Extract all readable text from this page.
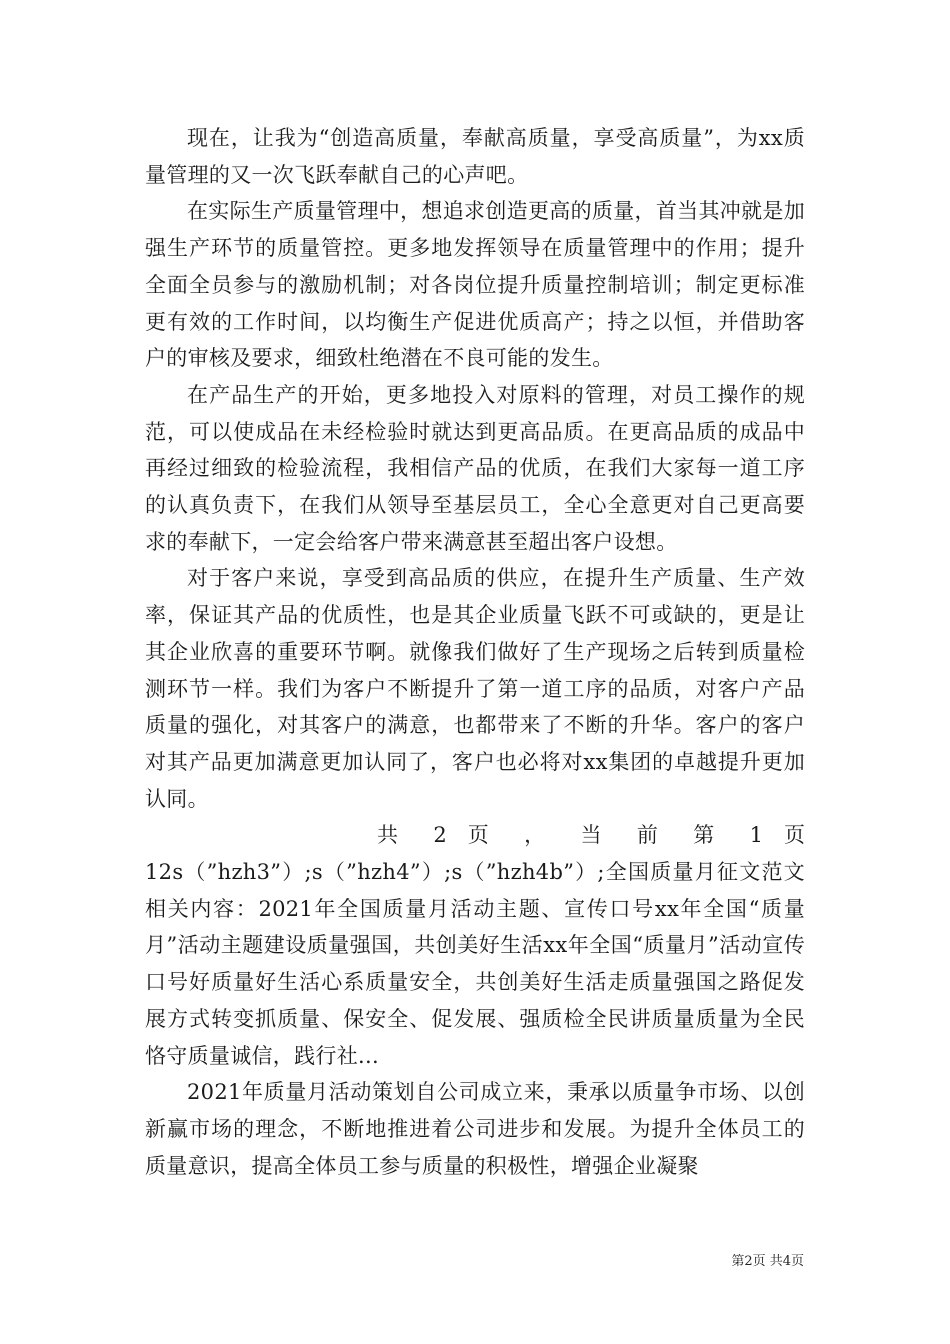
现在，让我为“创造高质量，奉献高质量，享受高质量”，为xx质量管理的又一次飞跃奉献自己的心声吧。

在实际生产质量管理中，想追求创造更高的质量，首当其冲就是加强生产环节的质量管控。更多地发挥领导在质量管理中的作用；提升全面全员参与的激励机制；对各岗位提升质量控制培训；制定更标准更有效的工作时间，以均衡生产促进优质高产；持之以恒，并借助客户的审核及要求，细致杜绝潜在不良可能的发生。

在产品生产的开始，更多地投入对原料的管理，对员工操作的规范，可以使成品在未经检验时就达到更高品质。在更高品质的成品中再经过细致的检验流程，我相信产品的优质，在我们大家每一道工序的认真负责下，在我们从领导至基层员工，全心全意更对自己更高要求的奉献下，一定会给客户带来满意甚至超出客户设想。

对于客户来说，享受到高品质的供应，在提升生产质量、生产效率，保证其产品的优质性，也是其企业质量飞跃不可或缺的，更是让其企业欣喜的重要环节啊。就像我们做好了生产现场之后转到质量检测环节一样。我们为客户不断提升了第一道工序的品质，对客户产品质量的强化，对其客户的满意，也都带来了不断的升华。客户的客户对其产品更加满意更加认同了，客户也必将对xx集团的卓越提升更加认同。

共 2 页 ， 当 前 第 1 页

12s（”hzh3”）;s（”hzh4”）;s（”hzh4b”）;全国质量月征文范文相关内容：2021年全国质量月活动主题、宣传口号xx年全国“质量月”活动主题建设质量强国，共创美好生活xx年全国“质量月”活动宣传口号好质量好生活心系质量安全，共创美好生活走质量强国之路促发展方式转变抓质量、保安全、促发展、强质检全民讲质量质量为全民恪守质量诚信，践行社...

2021年质量月活动策划自公司成立来，秉承以质量争市场、以创新赢市场的理念，不断地推进着公司进步和发展。为提升全体员工的质量意识，提高全体员工参与质量的积极性，增强企业凝聚

第2页 共4页
